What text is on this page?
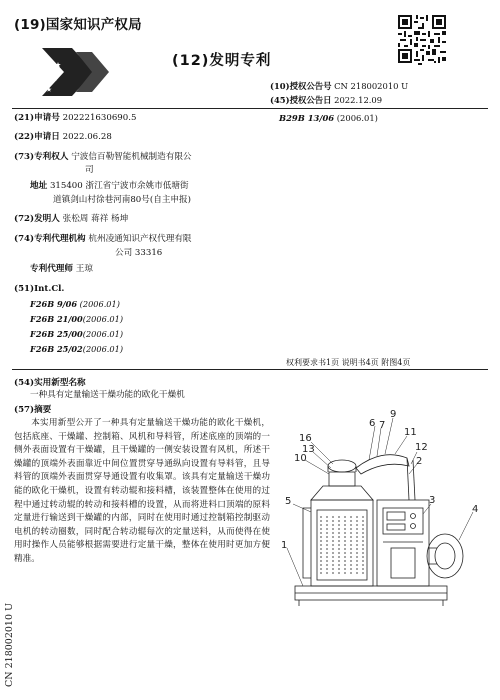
(19)国家知识产权局
(12)发明专利
(10)授权公告号 CN 218002010 U
(45)授权公告日 2022.12.09
(21)申请号 202221630690.5	B29B 13/06 (2006.01)
(22)申请日 2022.06.28
(73)专利权人 宁波信百勒智能机械制造有限公
司
地址 315400 浙江省宁波市余姚市低塘街
道镇剑山村徐巷河南80号(自主申报)
(72)发明人 张松周 蒋祥 杨坤
(74)专利代理机构 杭州凌通知识产权代理有限
公司 33316
专利代理师 王琼
(51)Int.Cl.
F26B 9/06 (2006.01)
F26B 21/00(2006.01)
F26B 25/00(2006.01)
F26B 25/02(2006.01)
权利要求书1页 说明书4页 附图4页
(54)实用新型名称
一种具有定量输送干燥功能的欧化干燥机
(57)摘要
本实用新型公开了一种具有定量输送干燥功能的欧化干燥机，包括底座、干燥罐、控制箱、风机和导料管，所述底座的顶端的一侧外表面设置有干燥罐，且干燥罐的一侧安装设置有风机，所述干燥罐的顶端外表面靠近中间位置贯穿导通纵向设置有导料管，且导料管的顶端外表面贯穿导通设置有收集罩。该具有定量输送干燥功能的欧化干燥机，设置有转动辊和接料槽，该装置整体在使用的过程中通过转动辊的转动和接料槽的设置，从而将进料口顶端的原料定量进行输送到干燥罐的内部，同时在使用时通过控制箱控制驱动电机的转动圈数，同时配合转动辊每次的定量送料，从而使得在使用时操作人员能够根据需要进行定量干燥，整体在使用时更加方便精准。
CN 218002010 U
9
6 7
16
11
13	12
10	2
5	3
4
1
